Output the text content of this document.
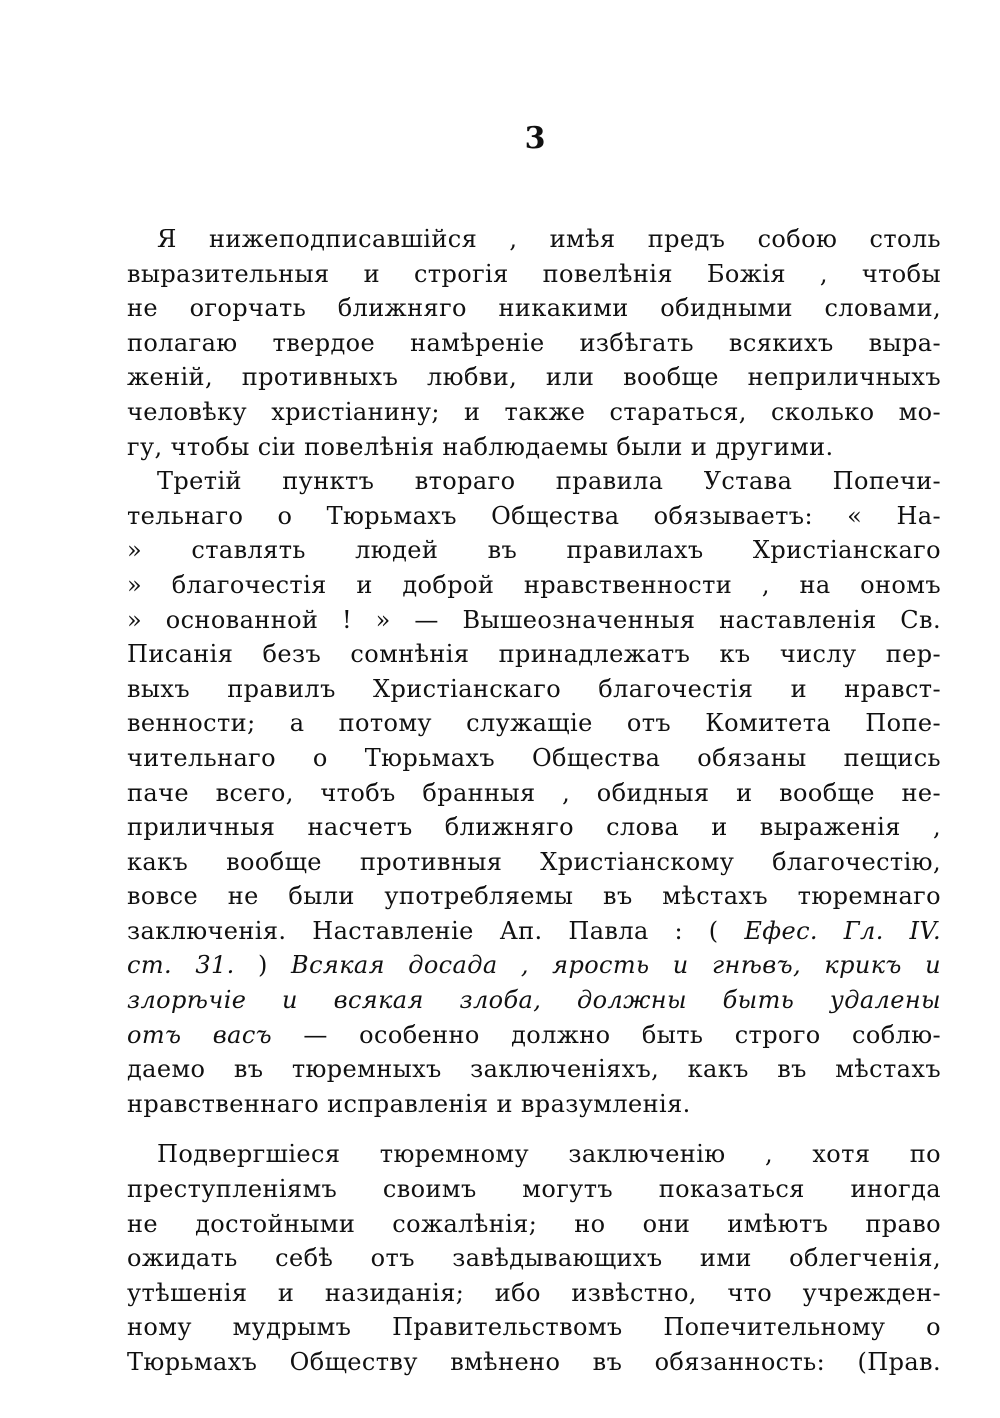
3
Я нижеподписавшійся , имѣя предъ собою столь
выразительныя и строгія повелѣнія Божія , чтобы
не огорчать ближняго никакими обидными словами,
полагаю твердое намѣреніе избѣгать всякихъ выра-
женій, противныхъ любви, или вообще неприличныхъ
человѣку христіанину; и также стараться, сколько мо-
гу, чтобы сіи повелѣнія наблюдаемы были и другими.
Третій пунктъ втораго правила Устава Попечи-
тельнаго о Тюрьмахъ Общества обязываетъ: « На-
» ставлять людей въ правилахъ Христіанскаго
» благочестія и доброй нравственности , на ономъ
» основанной ! » — Вышеозначенныя наставленія Св.
Писанія безъ сомнѣнія принадлежатъ къ числу пер-
выхъ правилъ Христіанскаго благочестія и нравст-
венности; а потому служащіе отъ Комитета Попе-
чительнаго о Тюрьмахъ Общества обязаны пещись
паче всего, чтобъ бранныя , обидныя и вообще не-
приличныя насчетъ ближняго слова и выраженія ,
какъ вообще противныя Христіанскому благочестію,
вовсе не были употребляемы въ мѣстахъ тюремнаго
заключенія. Наставленіе Ап. Павла : ( Ефес. Гл. IV.
ст. 31. ) Всякая досада , ярость и гнѣвъ, крикъ и
злорѣчіе и всякая злоба, должны быть удалены
отъ васъ — особенно должно быть строго соблю-
даемо въ тюремныхъ заключеніяхъ, какъ въ мѣстахъ
нравственнаго исправленія и вразумленія.
Подвергшіеся тюремному заключенію , хотя по
преступленіямъ своимъ могутъ показаться иногда
не достойными сожалѣнія; но они имѣютъ право
ожидать себѣ отъ завѣдывающихъ ими облегченія,
утѣшенія и назиданія; ибо извѣстно, что учрежден-
ному мудрымъ Правительствомъ Попечительному о
Тюрьмахъ Обществу вмѣнено въ обязанность: (Прав.
